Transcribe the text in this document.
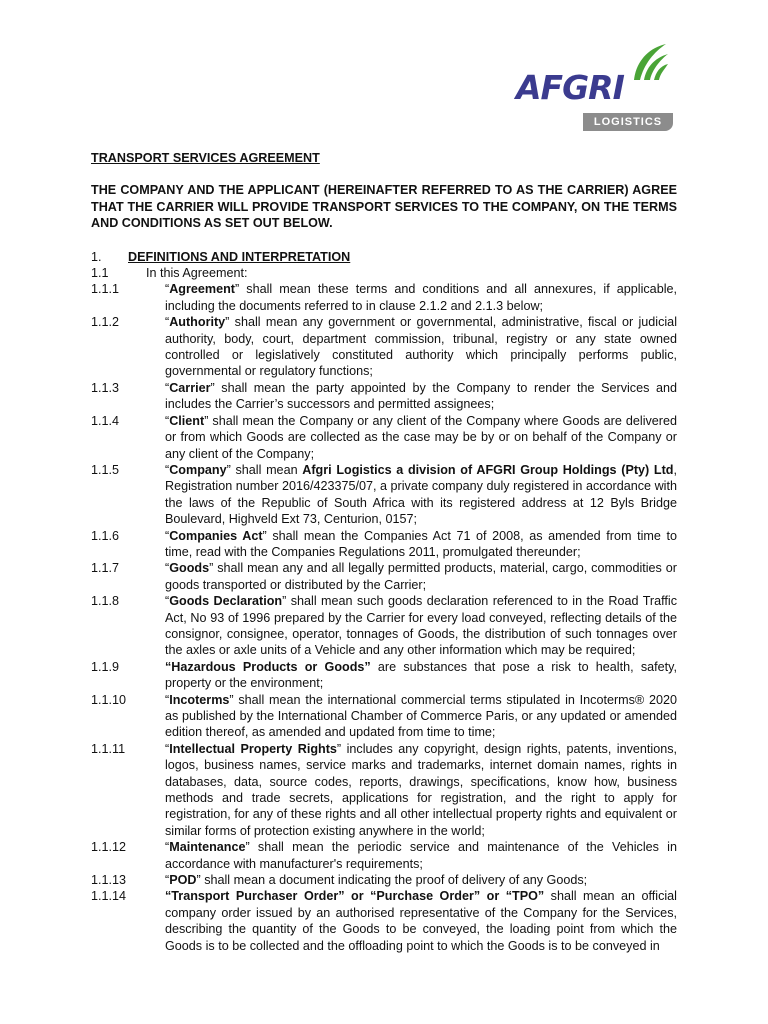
AFGRI
LOGISTICS

TRANSPORT SERVICES AGREEMENT

THE COMPANY AND THE APPLICANT (HEREINAFTER REFERRED TO AS THE CARRIER) AGREE THAT THE CARRIER WILL PROVIDE TRANSPORT SERVICES TO THE COMPANY, ON THE TERMS AND CONDITIONS AS SET OUT BELOW.

1.	DEFINITIONS AND INTERPRETATION
1.1	In this Agreement:
1.1.1	“Agreement” shall mean these terms and conditions and all annexures, if applicable, including the documents referred to in clause 2.1.2 and 2.1.3 below;
1.1.2	“Authority” shall mean any government or governmental, administrative, fiscal or judicial authority, body, court, department commission, tribunal, registry or any state owned controlled or legislatively constituted authority which principally performs public, governmental or regulatory functions;
1.1.3	“Carrier” shall mean the party appointed by the Company to render the Services and includes the Carrier’s successors and permitted assignees;
1.1.4	“Client” shall mean the Company or any client of the Company where Goods are delivered or from which Goods are collected as the case may be by or on behalf of the Company or any client of the Company;
1.1.5	“Company” shall mean Afgri Logistics a division of AFGRI Group Holdings (Pty) Ltd, Registration number 2016/423375/07, a private company duly registered in accordance with the laws of the Republic of South Africa with its registered address at 12 Byls Bridge Boulevard, Highveld Ext 73, Centurion, 0157;
1.1.6	“Companies Act” shall mean the Companies Act 71 of 2008, as amended from time to time, read with the Companies Regulations 2011, promulgated thereunder;
1.1.7	“Goods” shall mean any and all legally permitted products, material, cargo, commodities or goods transported or distributed by the Carrier;
1.1.8	“Goods Declaration” shall mean such goods declaration referenced to in the Road Traffic Act, No 93 of 1996 prepared by the Carrier for every load conveyed, reflecting details of the consignor, consignee, operator, tonnages of Goods, the distribution of such tonnages over the axles or axle units of a Vehicle and any other information which may be required;
1.1.9	“Hazardous Products or Goods” are substances that pose a risk to health, safety, property or the environment;
1.1.10	“Incoterms” shall mean the international commercial terms stipulated in Incoterms® 2020 as published by the International Chamber of Commerce Paris, or any updated or amended edition thereof, as amended and updated from time to time;
1.1.11	“Intellectual Property Rights” includes any copyright, design rights, patents, inventions, logos, business names, service marks and trademarks, internet domain names, rights in databases, data, source codes, reports, drawings, specifications, know how, business methods and trade secrets, applications for registration, and the right to apply for registration, for any of these rights and all other intellectual property rights and equivalent or similar forms of protection existing anywhere in the world;
1.1.12	“Maintenance” shall mean the periodic service and maintenance of the Vehicles in accordance with manufacturer's requirements;
1.1.13	“POD” shall mean a document indicating the proof of delivery of any Goods;
1.1.14	“Transport Purchaser Order” or “Purchase Order” or “TPO” shall mean an official company order issued by an authorised representative of the Company for the Services, describing the quantity of the Goods to be conveyed, the loading point from which the Goods is to be collected and the offloading point to which the Goods is to be conveyed in
